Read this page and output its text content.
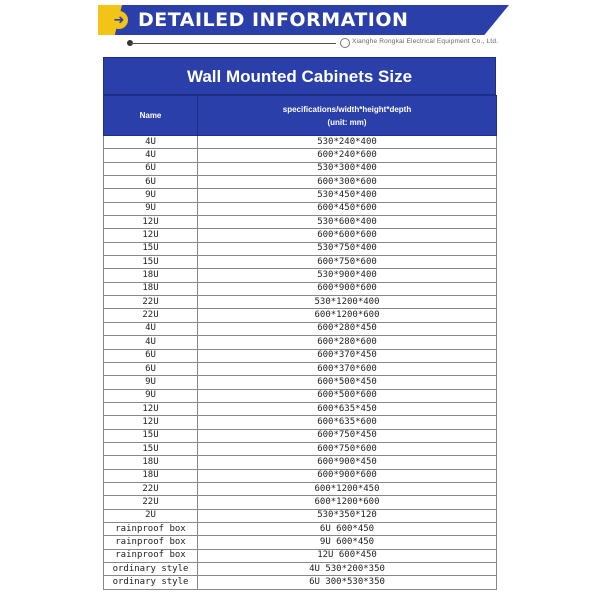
➜ DETAILED INFORMATION
Xianghe Rongkai Electrical Equipment Co., Ltd.
Wall Mounted Cabinets Size
Name	specifications/width*height*depth
(unit: mm)

4U	530*240*400
4U	600*240*600
6U	530*300*400
6U	600*300*600
9U	530*450*400
9U	600*450*600
12U	530*600*400
12U	600*600*600
15U	530*750*400
15U	600*750*600
18U	530*900*400
18U	600*900*600
22U	530*1200*400
22U	600*1200*600
4U	600*280*450
4U	600*280*600
6U	600*370*450
6U	600*370*600
9U	600*500*450
9U	600*500*600
12U	600*635*450
12U	600*635*600
15U	600*750*450
15U	600*750*600
18U	600*900*450
18U	600*900*600
22U	600*1200*450
22U	600*1200*600
2U	530*350*120
rainproof box	6U 600*450
rainproof box	9U 600*450
rainproof box	12U 600*450
ordinary style	4U 530*200*350
ordinary style	6U 300*530*350
